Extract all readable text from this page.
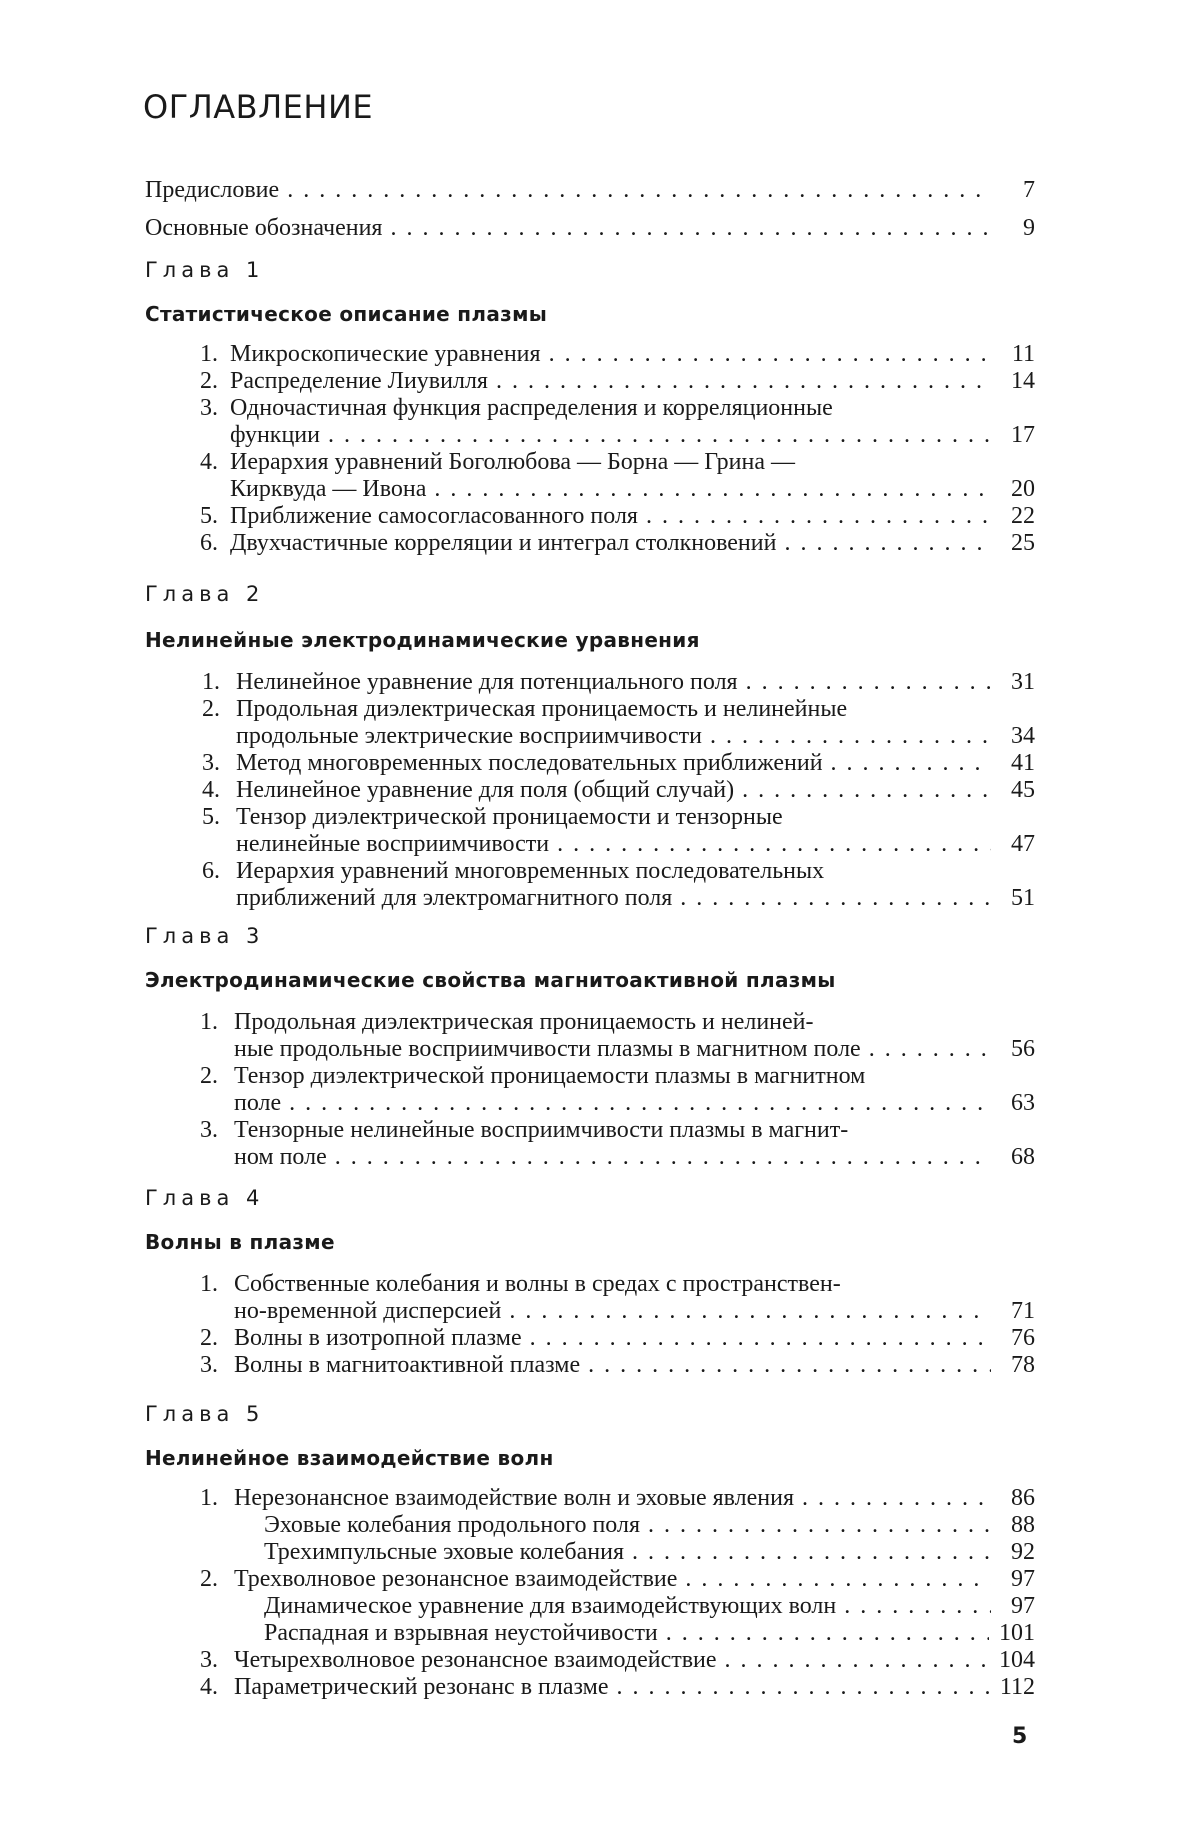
ОГЛАВЛЕНИЕ
Предисловие . . .	7
Основные обозначения . . .	9

Глава 1

Статистическое описание плазмы

1. Микроскопические уравнения . . .	11
2. Распределение Лиувилля . . .	14
3. Одночастичная функция распределения и корреляционные
функции . . .	17
4. Иерархия уравнений Боголюбова — Борна — Грина —
Кирквуда — Ивона . . .	20
5. Приближение самосогласованного поля . . .	22
6. Двухчастичные корреляции и интеграл столкновений . . .	25

Глава 2

Нелинейные электродинамические уравнения

1. Нелинейное уравнение для потенциального поля . . .	31
2. Продольная диэлектрическая проницаемость и нелинейные
продольные электрические восприимчивости . . .	34
3. Метод многовременных последовательных приближений . . .	41
4. Нелинейное уравнение для поля (общий случай) . . .	45
5. Тензор диэлектрической проницаемости и тензорные
нелинейные восприимчивости . . .	47
6. Иерархия уравнений многовременных последовательных
приближений для электромагнитного поля . . .	51

Глава 3

Электродинамические свойства магнитоактивной плазмы

1. Продольная диэлектрическая проницаемость и нелиней-
ные продольные восприимчивости плазмы в магнитном поле . . .	56
2. Тензор диэлектрической проницаемости плазмы в магнитном
поле . . .	63
3. Тензорные нелинейные восприимчивости плазмы в магнит-
ном поле . . .	68

Глава 4

Волны в плазме

1. Собственные колебания и волны в средах с пространствен-
но-временной дисперсией . . .	71
2. Волны в изотропной плазме . . .	76
3. Волны в магнитоактивной плазме . . .	78

Глава 5

Нелинейное взаимодействие волн

1. Нерезонансное взаимодействие волн и эховые явления . . .	86
Эховые колебания продольного поля . . .	88
Трехимпульсные эховые колебания . . .	92
2. Трехволновое резонансное взаимодействие . . .	97
Динамическое уравнение для взаимодействующих волн . . .	97
Распадная и взрывная неустойчивости . . .	101
3. Четырехволновое резонансное взаимодействие . . .	104
4. Параметрический резонанс в плазме . . .	112

5
